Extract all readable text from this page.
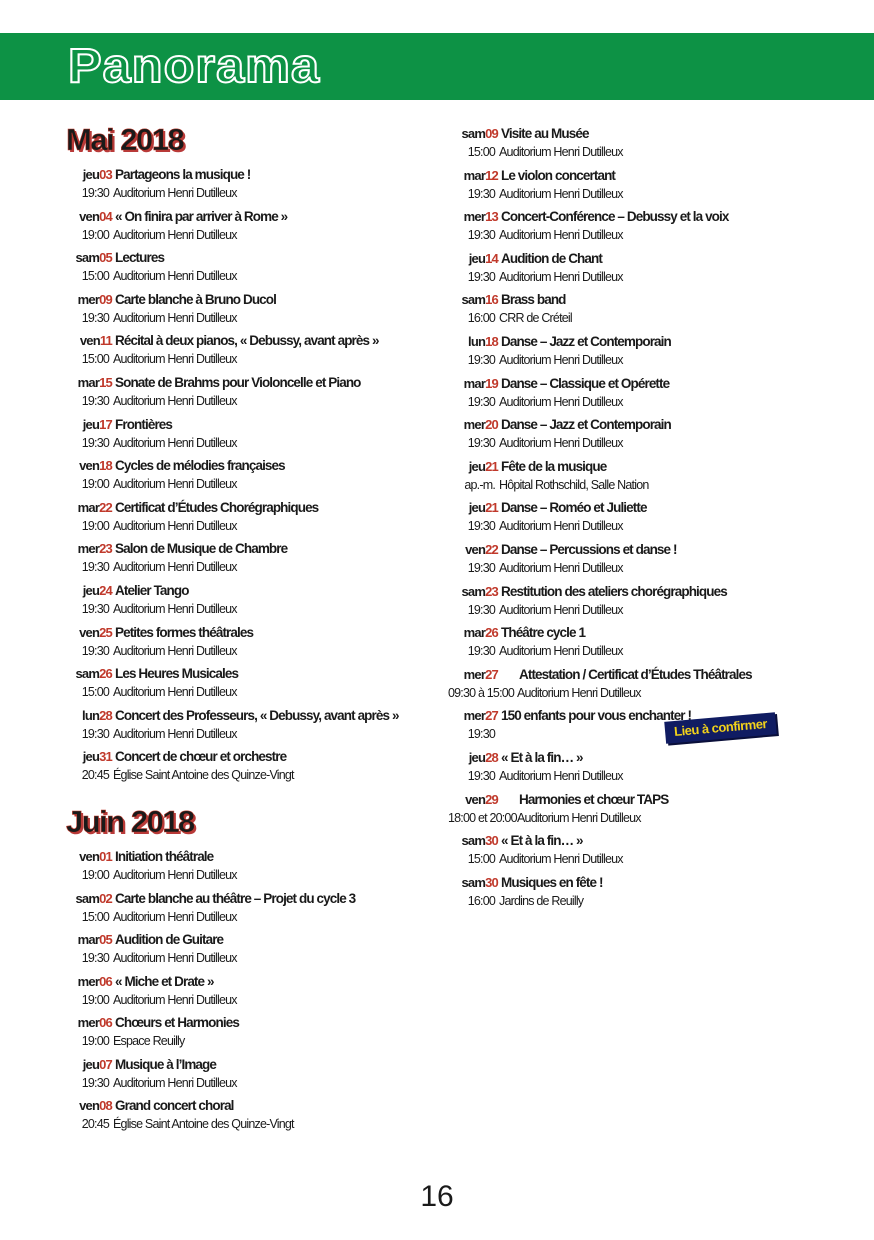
Panorama
Mai 2018
jeu03 Partageons la musique !
19:30 Auditorium Henri Dutilleux
ven04 « On finira par arriver à Rome »
19:00 Auditorium Henri Dutilleux
sam05 Lectures
15:00 Auditorium Henri Dutilleux
mer09 Carte blanche à Bruno Ducol
19:30 Auditorium Henri Dutilleux
ven11 Récital à deux pianos, « Debussy, avant après »
15:00 Auditorium Henri Dutilleux
mar15 Sonate de Brahms pour Violoncelle et Piano
19:30 Auditorium Henri Dutilleux
jeu17 Frontières
19:30 Auditorium Henri Dutilleux
ven18 Cycles de mélodies françaises
19:00 Auditorium Henri Dutilleux
mar22 Certificat d’Études Chorégraphiques
19:00 Auditorium Henri Dutilleux
mer23 Salon de Musique de Chambre
19:30 Auditorium Henri Dutilleux
jeu24 Atelier Tango
19:30 Auditorium Henri Dutilleux
ven25 Petites formes théâtrales
19:30 Auditorium Henri Dutilleux
sam26 Les Heures Musicales
15:00 Auditorium Henri Dutilleux
lun28 Concert des Professeurs, « Debussy, avant après »
19:30 Auditorium Henri Dutilleux
jeu31 Concert de chœur et orchestre
20:45 Église Saint Antoine des Quinze-Vingt
Juin 2018
ven01 Initiation théâtrale
19:00 Auditorium Henri Dutilleux
sam02 Carte blanche au théâtre – Projet du cycle 3
15:00 Auditorium Henri Dutilleux
mar05 Audition de Guitare
19:30 Auditorium Henri Dutilleux
mer06 « Miche et Drate »
19:00 Auditorium Henri Dutilleux
mer06 Chœurs et Harmonies
19:00 Espace Reuilly
jeu07 Musique à l’Image
19:30 Auditorium Henri Dutilleux
ven08 Grand concert choral
20:45 Église Saint Antoine des Quinze-Vingt
sam09 Visite au Musée
15:00 Auditorium Henri Dutilleux
mar12 Le violon concertant
19:30 Auditorium Henri Dutilleux
mer13 Concert-Conférence – Debussy et la voix
19:30 Auditorium Henri Dutilleux
jeu14 Audition de Chant
19:30 Auditorium Henri Dutilleux
sam16 Brass band
16:00 CRR de Créteil
lun18 Danse – Jazz et Contemporain
19:30 Auditorium Henri Dutilleux
mar19 Danse – Classique et Opérette
19:30 Auditorium Henri Dutilleux
mer20 Danse – Jazz et Contemporain
19:30 Auditorium Henri Dutilleux
jeu21 Fête de la musique
ap.-m. Hôpital Rothschild, Salle Nation
jeu21 Danse – Roméo et Juliette
19:30 Auditorium Henri Dutilleux
ven22 Danse – Percussions et danse !
19:30 Auditorium Henri Dutilleux
sam23 Restitution des ateliers chorégraphiques
19:30 Auditorium Henri Dutilleux
mar26 Théâtre cycle 1
19:30 Auditorium Henri Dutilleux
mer27 Attestation / Certificat d’Études Théâtrales
09:30 à 15:00 Auditorium Henri Dutilleux
mer27 150 enfants pour vous enchanter !
19:30
jeu28 « Et à la fin… »
19:30 Auditorium Henri Dutilleux
ven29 Harmonies et chœur TAPS
18:00 et 20:00Auditorium Henri Dutilleux
sam30 « Et à la fin… »
15:00 Auditorium Henri Dutilleux
sam30 Musiques en fête !
16:00 Jardins de Reuilly
Lieu à confirmer
16
